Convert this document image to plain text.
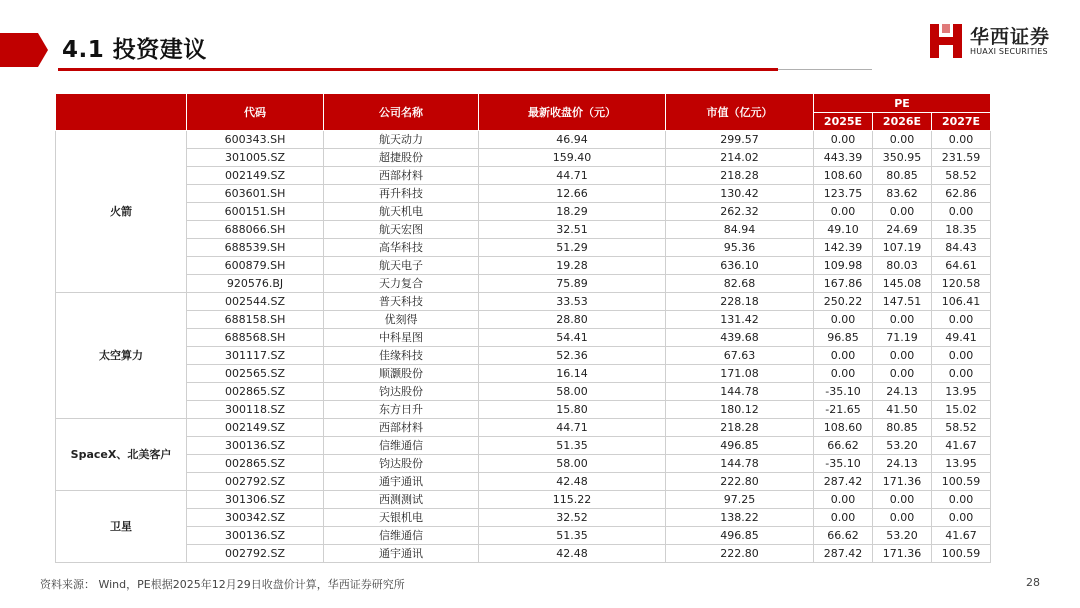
4.1 投资建议	华西证券
HUAXI SECURITIES
	代码	公司名称	最新收盘价（元）	市值（亿元）	PE		
					2025E	2026E	2027E
火箭	600343.SH	航天动力	46.94	299.57	0.00	0.00	0.00
	301005.SZ	超捷股份	159.40	214.02	443.39	350.95	231.59
	002149.SZ	西部材料	44.71	218.28	108.60	80.85	58.52
	603601.SH	再升科技	12.66	130.42	123.75	83.62	62.86
	600151.SH	航天机电	18.29	262.32	0.00	0.00	0.00
	688066.SH	航天宏图	32.51	84.94	49.10	24.69	18.35
	688539.SH	高华科技	51.29	95.36	142.39	107.19	84.43
	600879.SH	航天电子	19.28	636.10	109.98	80.03	64.61
	920576.BJ	天力复合	75.89	82.68	167.86	145.08	120.58
太空算力	002544.SZ	普天科技	33.53	228.18	250.22	147.51	106.41
	688158.SH	优刻得	28.80	131.42	0.00	0.00	0.00
	688568.SH	中科星图	54.41	439.68	96.85	71.19	49.41
	301117.SZ	佳缘科技	52.36	67.63	0.00	0.00	0.00
	002565.SZ	顺灏股份	16.14	171.08	0.00	0.00	0.00
	002865.SZ	钧达股份	58.00	144.78	-35.10	24.13	13.95
	300118.SZ	东方日升	15.80	180.12	-21.65	41.50	15.02
SpaceX、北美客户	002149.SZ	西部材料	44.71	218.28	108.60	80.85	58.52
	300136.SZ	信维通信	51.35	496.85	66.62	53.20	41.67
	002865.SZ	钧达股份	58.00	144.78	-35.10	24.13	13.95
	002792.SZ	通宇通讯	42.48	222.80	287.42	171.36	100.59
卫星	301306.SZ	西测测试	115.22	97.25	0.00	0.00	0.00
	300342.SZ	天银机电	32.52	138.22	0.00	0.00	0.00
	300136.SZ	信维通信	51.35	496.85	66.62	53.20	41.67
	002792.SZ	通宇通讯	42.48	222.80	287.42	171.36	100.59
资料来源： Wind，PE根据2025年12月29日收盘价计算，华西证券研究所	28
